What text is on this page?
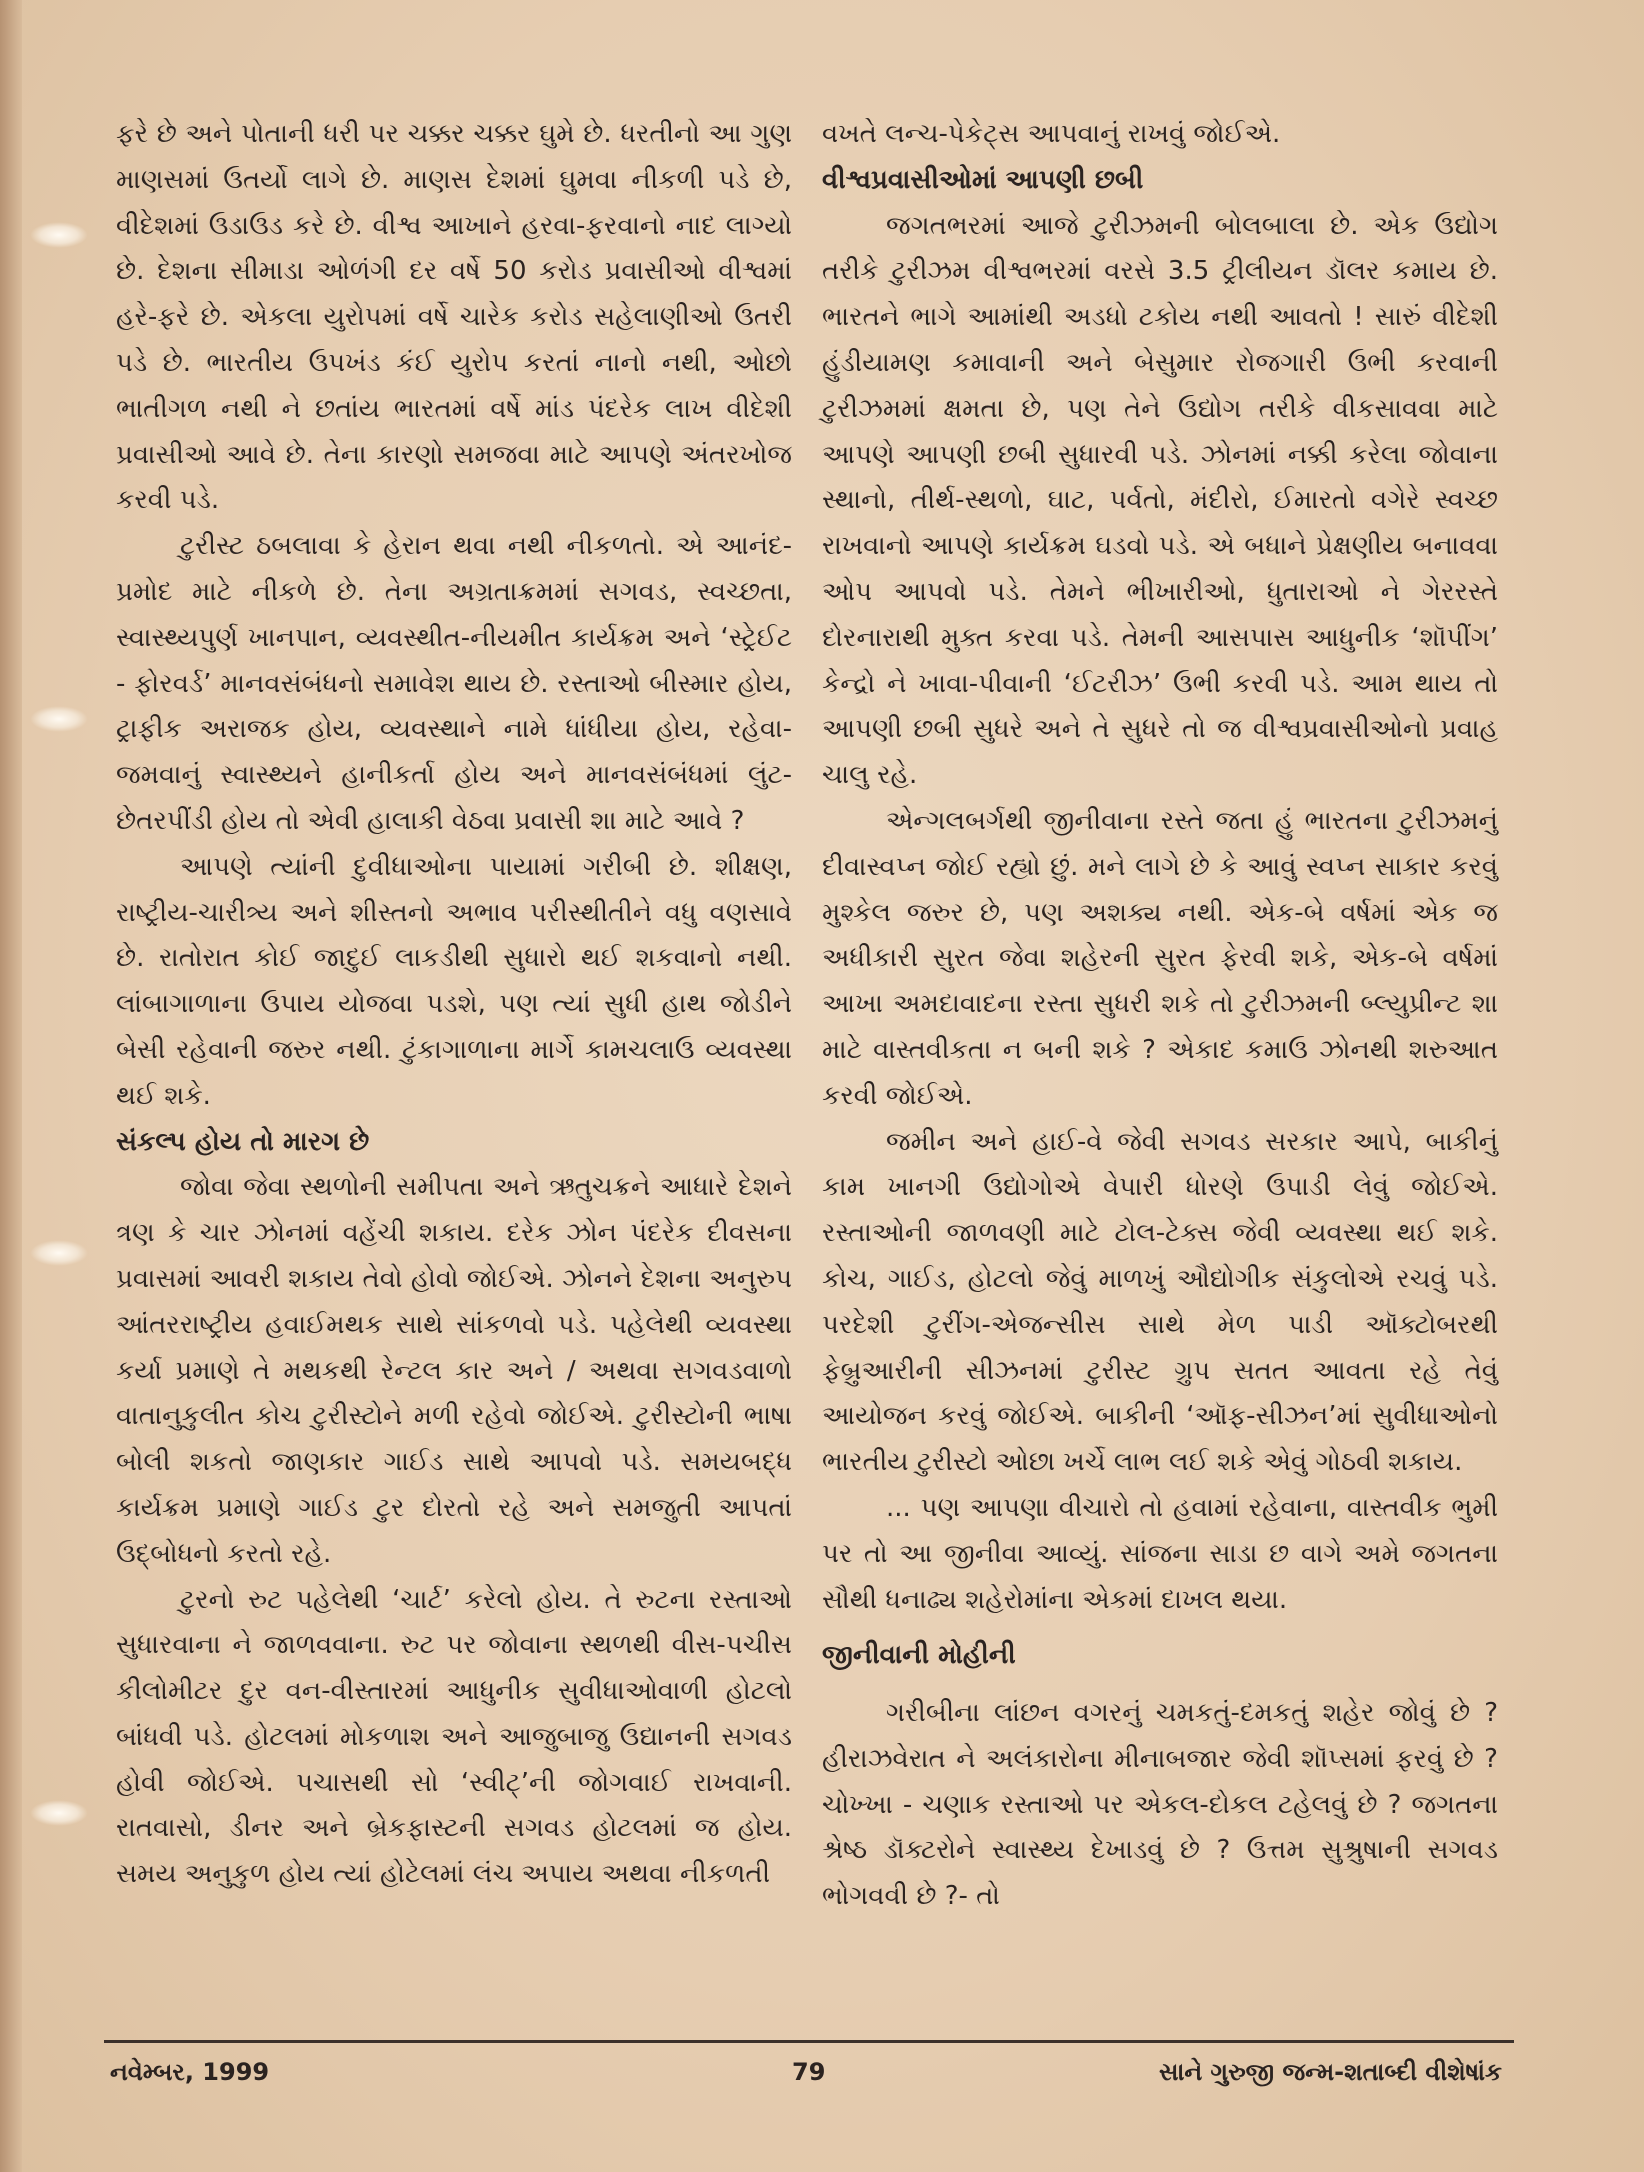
ફરે છે અને પોતાની ધરી પર ચક્કર ચક્કર ઘુમે છે. ધરતીનો આ ગુણ માણસમાં ઉતર્યો લાગે છે. માણસ દેશમાં ઘુમવા નીકળી પડે છે, વીદેશમાં ઉડાઉડ કરે છે. વીશ્વ આખાને હરવા-ફરવાનો નાદ લાગ્યો છે. દેશના સીમાડા ઓળંગી દર વર્ષે 50 કરોડ પ્રવાસીઓ વીશ્વમાં હરે-ફરે છે. એકલા યુરોપમાં વર્ષે ચારેક કરોડ સહેલાણીઓ ઉતરી પડે છે. ભારતીય ઉપખંડ કંઈ યુરોપ કરતાં નાનો નથી, ઓછો ભાતીગળ નથી ને છતાંય ભારતમાં વર્ષે માંડ પંદરેક લાખ વીદેશી પ્રવાસીઓ આવે છે. તેના કારણો સમજવા માટે આપણે અંતરખોજ કરવી પડે.

ટુરીસ્ટ ઠબલાવા કે હેરાન થવા નથી નીકળતો. એ આનંદ-પ્રમોદ માટે નીકળે છે. તેના અગ્રતાક્રમમાં સગવડ, સ્વચ્છતા, સ્વાસ્થ્યપુર્ણ ખાનપાન, વ્યવસ્થીત-નીયમીત કાર્યક્રમ અને ‘સ્ટ્રેઈટ - ફોરવર્ડ’ માનવસંબંધનો સમાવેશ થાય છે. રસ્તાઓ બીસ્માર હોય, ટ્રાફીક અરાજક હોય, વ્યવસ્થાને નામે ધાંધીયા હોય, રહેવા-જમવાનું સ્વાસ્થ્યને હાનીકર્તા હોય અને માનવસંબંધમાં લુંટ-છેતરપીંડી હોય તો એવી હાલાકી વેઠવા પ્રવાસી શા માટે આવે ?

આપણે ત્યાંની દુવીધાઓના પાયામાં ગરીબી છે. શીક્ષણ, રાષ્ટ્રીય-ચારીત્ર્ય અને શીસ્તનો અભાવ પરીસ્થીતીને વધુ વણસાવે છે. રાતોરાત કોઈ જાદુઈ લાકડીથી સુધારો થઈ શકવાનો નથી. લાંબાગાળાના ઉપાય યોજવા પડશે, પણ ત્યાં સુધી હાથ જોડીને બેસી રહેવાની જરુર નથી. ટુંકાગાળાના માર્ગે કામચલાઉ વ્યવસ્થા થઈ શકે.

સંકલ્પ હોય તો મારગ છે

જોવા જેવા સ્થળોની સમીપતા અને ઋતુચક્રને આધારે દેશને ત્રણ કે ચાર ઝોનમાં વહેંચી શકાય. દરેક ઝોન પંદરેક દીવસના પ્રવાસમાં આવરી શકાય તેવો હોવો જોઈએ. ઝોનને દેશના અનુરુપ આંતરરાષ્ટ્રીય હવાઈમથક સાથે સાંકળવો પડે. પહેલેથી વ્યવસ્થા કર્યા પ્રમાણે તે મથકથી રેન્ટલ કાર અને / અથવા સગવડવાળો વાતાનુકુલીત કોચ ટુરીસ્ટોને મળી રહેવો જોઈએ. ટુરીસ્ટોની ભાષા બોલી શકતો જાણકાર ગાઈડ સાથે આપવો પડે. સમયબદ્ધ કાર્યક્રમ પ્રમાણે ગાઈડ ટુર દોરતો રહે અને સમજુતી આપતાં ઉદ્બોધનો કરતો રહે.

ટુરનો રુટ પહેલેથી ‘ચાર્ટ’ કરેલો હોય. તે રુટના રસ્તાઓ સુધારવાના ને જાળવવાના. રુટ પર જોવાના સ્થળથી વીસ-પચીસ કીલોમીટર દુર વન-વીસ્તારમાં આધુનીક સુવીધાઓવાળી હોટલો બાંધવી પડે. હોટલમાં મોકળાશ અને આજુબાજુ ઉદ્યાનની સગવડ હોવી જોઈએ. પચાસથી સો ‘સ્વીટ્’ની જોગવાઈ રાખવાની. રાતવાસો, ડીનર અને બ્રેકફાસ્ટની સગવડ હોટલમાં જ હોય. સમય અનુકુળ હોય ત્યાં હોટેલમાં લંચ અપાય અથવા નીકળતી

વખતે લન્ચ-પેકેટ્સ આપવાનું રાખવું જોઈએ.

વીશ્વપ્રવાસીઓમાં આપણી છબી

જગતભરમાં આજે ટુરીઝમની બોલબાલા છે. એક ઉદ્યોગ તરીકે ટુરીઝમ વીશ્વભરમાં વરસે 3.5 ટ્રીલીયન ડૉલર કમાય છે. ભારતને ભાગે આમાંથી અડધો ટકોય નથી આવતો ! સારું વીદેશી હુંડીયામણ કમાવાની અને બેસુમાર રોજગારી ઉભી કરવાની ટુરીઝમમાં ક્ષમતા છે, પણ તેને ઉદ્યોગ તરીકે વીકસાવવા માટે આપણે આપણી છબી સુધારવી પડે. ઝોનમાં નક્કી કરેલા જોવાના સ્થાનો, તીર્થ-સ્થળો, ઘાટ, પર્વતો, મંદીરો, ઈમારતો વગેરે સ્વચ્છ રાખવાનો આપણે કાર્યક્રમ ઘડવો પડે. એ બધાને પ્રેક્ષણીય બનાવવા ઓપ આપવો પડે. તેમને ભીખારીઓ, ધુતારાઓ ને ગેરરસ્તે દોરનારાથી મુક્ત કરવા પડે. તેમની આસપાસ આધુનીક ‘શૉપીંગ’ કેન્દ્રો ને ખાવા-પીવાની ‘ઈટરીઝ’ ઉભી કરવી પડે. આમ થાય તો આપણી છબી સુધરે અને તે સુધરે તો જ વીશ્વપ્રવાસીઓનો પ્રવાહ ચાલુ રહે.

એન્ગલબર્ગથી જીનીવાના રસ્તે જતા હું ભારતના ટુરીઝમનું દીવાસ્વપ્ન જોઈ રહ્યો છું. મને લાગે છે કે આવું સ્વપ્ન સાકાર કરવું મુશ્કેલ જરુર છે, પણ અશક્ય નથી. એક-બે વર્ષમાં એક જ અધીકારી સુરત જેવા શહેરની સુરત ફેરવી શકે, એક-બે વર્ષમાં આખા અમદાવાદના રસ્તા સુધરી શકે તો ટુરીઝમની બ્લ્યુપ્રીન્ટ શા માટે વાસ્તવીકતા ન બની શકે ? એકાદ કમાઉ ઝોનથી શરુઆત કરવી જોઈએ.

જમીન અને હાઈ-વે જેવી સગવડ સરકાર આપે, બાકીનું કામ ખાનગી ઉદ્યોગોએ વેપારી ધોરણે ઉપાડી લેવું જોઈએ. રસ્તાઓની જાળવણી માટે ટોલ-ટેક્સ જેવી વ્યવસ્થા થઈ શકે. કોચ, ગાઈડ, હોટલો જેવું માળખું ઔદ્યોગીક સંકુલોએ રચવું પડે. પરદેશી ટુરીંગ-એજન્સીસ સાથે મેળ પાડી ઑક્ટોબરથી ફેબ્રુઆરીની સીઝનમાં ટુરીસ્ટ ગ્રુપ સતત આવતા રહે તેવું આયોજન કરવું જોઈએ. બાકીની ‘ઑફ-સીઝન’માં સુવીધાઓનો ભારતીય ટુરીસ્ટો ઓછા ખર્ચે લાભ લઈ શકે એવું ગોઠવી શકાય.

... પણ આપણા વીચારો તો હવામાં રહેવાના, વાસ્તવીક ભુમી પર તો આ જીનીવા આવ્યું. સાંજના સાડા છ વાગે અમે જગતના સૌથી ધનાઢ્ય શહેરોમાંના એકમાં દાખલ થયા.

જીનીવાની મોહીની

ગરીબીના લાંછન વગરનું ચમકતું-દમકતું શહેર જોવું છે ? હીરાઝવેરાત ને અલંકારોના મીનાબજાર જેવી શૉપ્સમાં ફરવું છે ? ચોખ્ખા - ચણાક રસ્તાઓ પર એકલ-દોકલ ટહેલવું છે ? જગતના શ્રેષ્ઠ ડૉક્ટરોને સ્વાસ્થ્ય દેખાડવું છે ? ઉત્તમ સુશ્રુષાની સગવડ ભોગવવી છે ?- તો

નવેમ્બર, 1999	79	સાને ગુરુજી જન્મ-શતાબ્દી વીશેષાંક
